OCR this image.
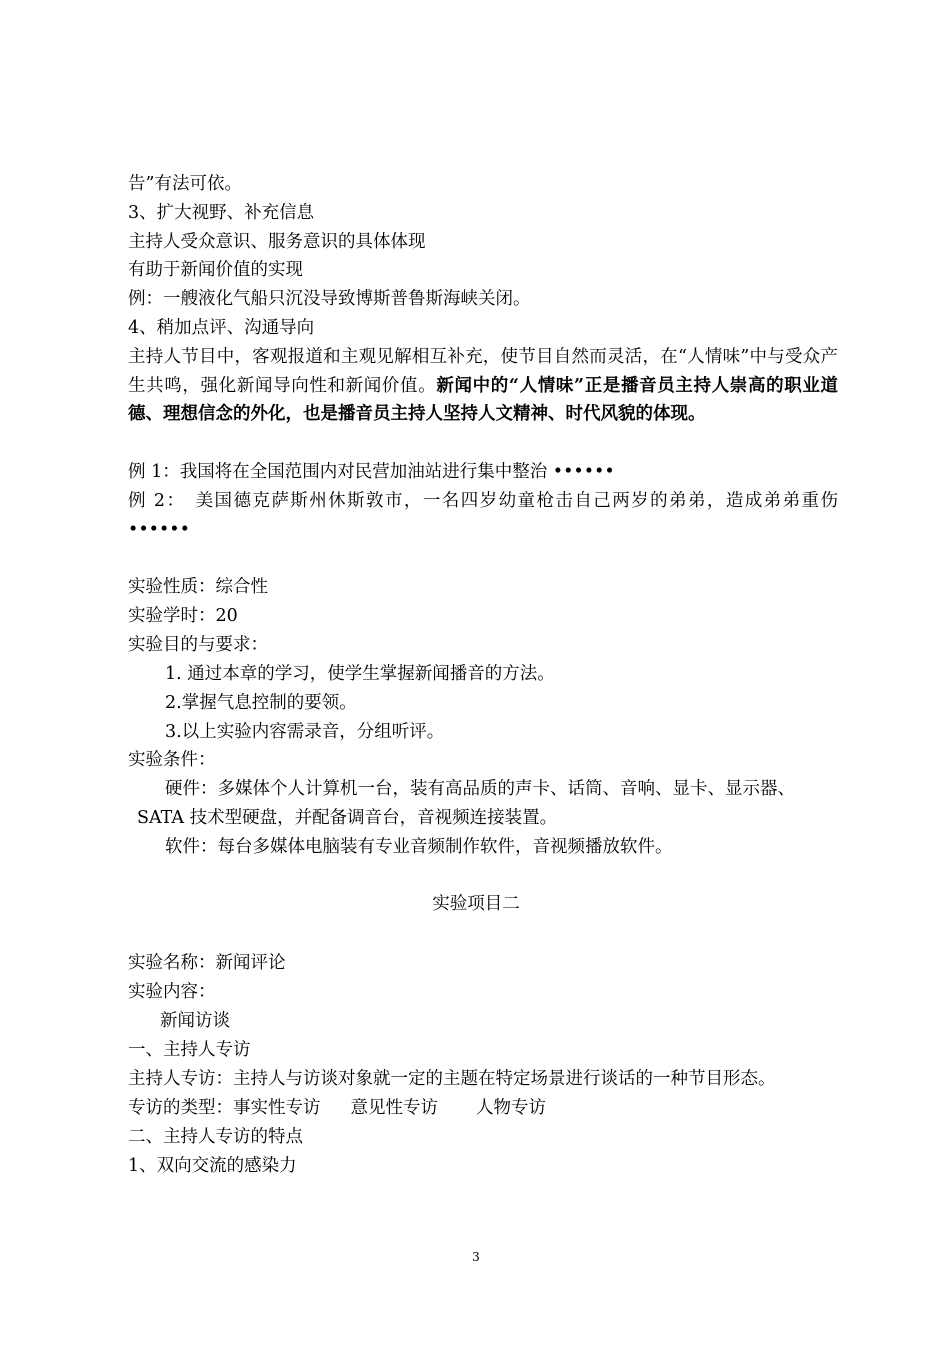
告”有法可依。
3、扩大视野、补充信息
主持人受众意识、服务意识的具体体现
有助于新闻价值的实现
例：一艘液化气船只沉没导致博斯普鲁斯海峡关闭。
4、稍加点评、沟通导向
主持人节目中，客观报道和主观见解相互补充，使节目自然而灵活，在“人情味”中与受众产生共鸣，强化新闻导向性和新闻价值。新闻中的“人情味”正是播音员主持人崇高的职业道德、理想信念的外化，也是播音员主持人坚持人文精神、时代风貌的体现。
例 1：我国将在全国范围内对民营加油站进行集中整治 ••••••
例 2：　美国德克萨斯州休斯敦市，一名四岁幼童枪击自己两岁的弟弟，造成弟弟重伤 ••••••
实验性质：综合性
实验学时：20
实验目的与要求：
1. 通过本章的学习，使学生掌握新闻播音的方法。
2.掌握气息控制的要领。
3.以上实验内容需录音，分组听评。
实验条件：
硬件：多媒体个人计算机一台，装有高品质的声卡、话筒、音响、显卡、显示器、
SATA 技术型硬盘，并配备调音台，音视频连接装置。
软件：每台多媒体电脑装有专业音频制作软件，音视频播放软件。
实验项目二
实验名称：新闻评论
实验内容：
新闻访谈
一、主持人专访
主持人专访：主持人与访谈对象就一定的主题在特定场景进行谈话的一种节目形态。
专访的类型：事实性专访 意见性专访 人物专访
二、主持人专访的特点
1、双向交流的感染力
3
